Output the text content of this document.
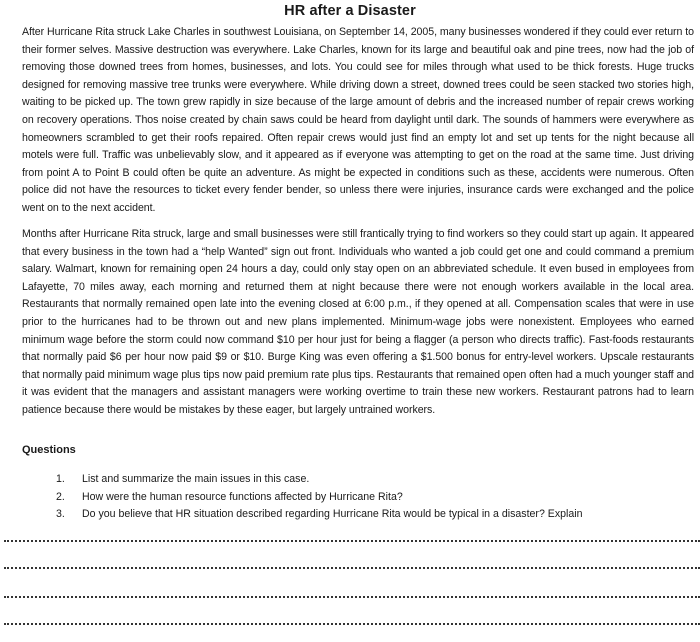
HR after a Disaster

After Hurricane Rita struck Lake Charles in southwest Louisiana, on September 14, 2005, many businesses wondered if they could ever return to their former selves. Massive destruction was everywhere. Lake Charles, known for its large and beautiful oak and pine trees, now had the job of removing those downed trees from homes, businesses, and lots. You could see for miles through what used to be thick forests. Huge trucks designed for removing massive tree trunks were everywhere. While driving down a street, downed trees could be seen stacked two stories high, waiting to be picked up. The town grew rapidly in size because of the large amount of debris and the increased number of repair crews working on recovery operations. Thos noise created by chain saws could be heard from daylight until dark. The sounds of hammers were everywhere as homeowners scrambled to get their roofs repaired. Often repair crews would just find an empty lot and set up tents for the night because all motels were full. Traffic was unbelievably slow, and it appeared as if everyone was attempting to get on the road at the same time. Just driving from point A to Point B could often be quite an adventure. As might be expected in conditions such as these, accidents were numerous. Often police did not have the resources to ticket every fender bender, so unless there were injuries, insurance cards were exchanged and the police went on to the next accident.

Months after Hurricane Rita struck, large and small businesses were still frantically trying to find workers so they could start up again. It appeared that every business in the town had a “help Wanted” sign out front. Individuals who wanted a job could get one and could command a premium salary. Walmart, known for remaining open 24 hours a day, could only stay open on an abbreviated schedule. It even bused in employees from Lafayette, 70 miles away, each morning and returned them at night because there were not enough workers available in the local area. Restaurants that normally remained open late into the evening closed at 6:00 p.m., if they opened at all. Compensation scales that were in use prior to the hurricanes had to be thrown out and new plans implemented. Minimum-wage jobs were nonexistent. Employees who earned minimum wage before the storm could now command $10 per hour just for being a flagger (a person who directs traffic). Fast-foods restaurants that normally paid $6 per hour now paid $9 or $10. Burge King was even offering a $1.500 bonus for entry-level workers. Upscale restaurants that normally paid minimum wage plus tips now paid premium rate plus tips. Restaurants that remained open often had a much younger staff and it was evident that the managers and assistant managers were working overtime to train these new workers. Restaurant patrons had to learn patience because there would be mistakes by these eager, but largely untrained workers.

Questions
1.	List and summarize the main issues in this case.
2.	How were the human resource functions affected by Hurricane Rita?
3.	Do you believe that HR situation described regarding Hurricane Rita would be typical in a disaster? Explain
